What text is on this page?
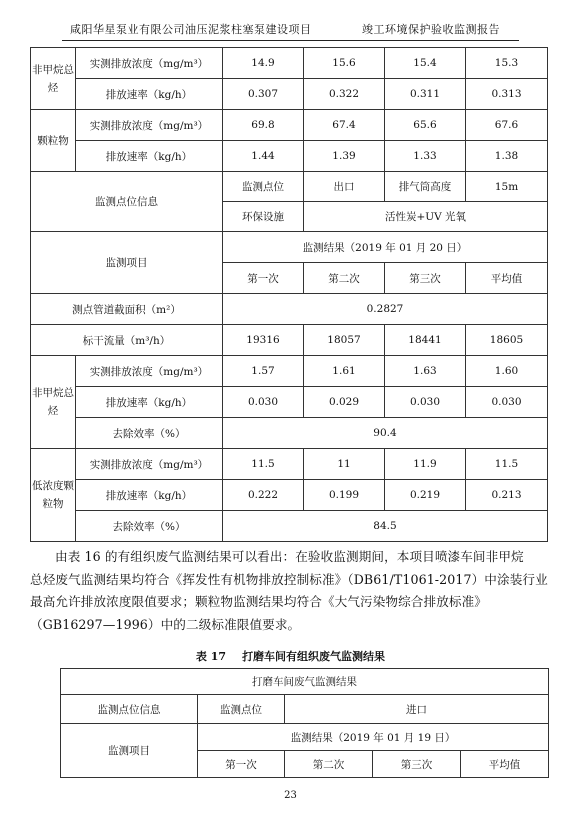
咸阳华星泵业有限公司油压泥浆柱塞泵建设项目	竣工环境保护验收监测报告
非甲烷总烃	实测排放浓度（mg/m³）	14.9	15.6	15.4	15.3
	排放速率（kg/h）	0.307	0.322	0.311	0.313
颗粒物	实测排放浓度（mg/m³）	69.8	67.4	65.6	67.6
	排放速率（kg/h）	1.44	1.39	1.33	1.38
监测点位信息		监测点位	出口	排气筒高度	15m
		环保设施	活性炭+UV 光氧		
监测项目		监测结果（2019 年 01 月 20 日）			
		第一次	第二次	第三次	平均值
测点管道截面积（m²）		0.2827			
标干流量（m³/h）		19316	18057	18441	18605
非甲烷总烃	实测排放浓度（mg/m³）	1.57	1.61	1.63	1.60
	排放速率（kg/h）	0.030	0.029	0.030	0.030
	去除效率（%）	90.4			
低浓度颗粒物	实测排放浓度（mg/m³）	11.5	11	11.9	11.5
	排放速率（kg/h）	0.222	0.199	0.219	0.213
	去除效率（%）	84.5			

由表 16 的有组织废气监测结果可以看出：在验收监测期间，本项目喷漆车间非甲烷

总烃废气监测结果均符合《挥发性有机物排放控制标准》（DB61/T1061-2017）中涂装行业

最高允许排放浓度限值要求；颗粒物监测结果均符合《大气污染物综合排放标准》

（GB16297—1996）中的二级标准限值要求。

表 17 打磨车间有组织废气监测结果
打磨车间废气监测结果				
监测点位信息	监测点位	进口		
监测项目	监测结果（2019 年 01 月 19 日）			
	第一次	第二次	第三次	平均值
23
